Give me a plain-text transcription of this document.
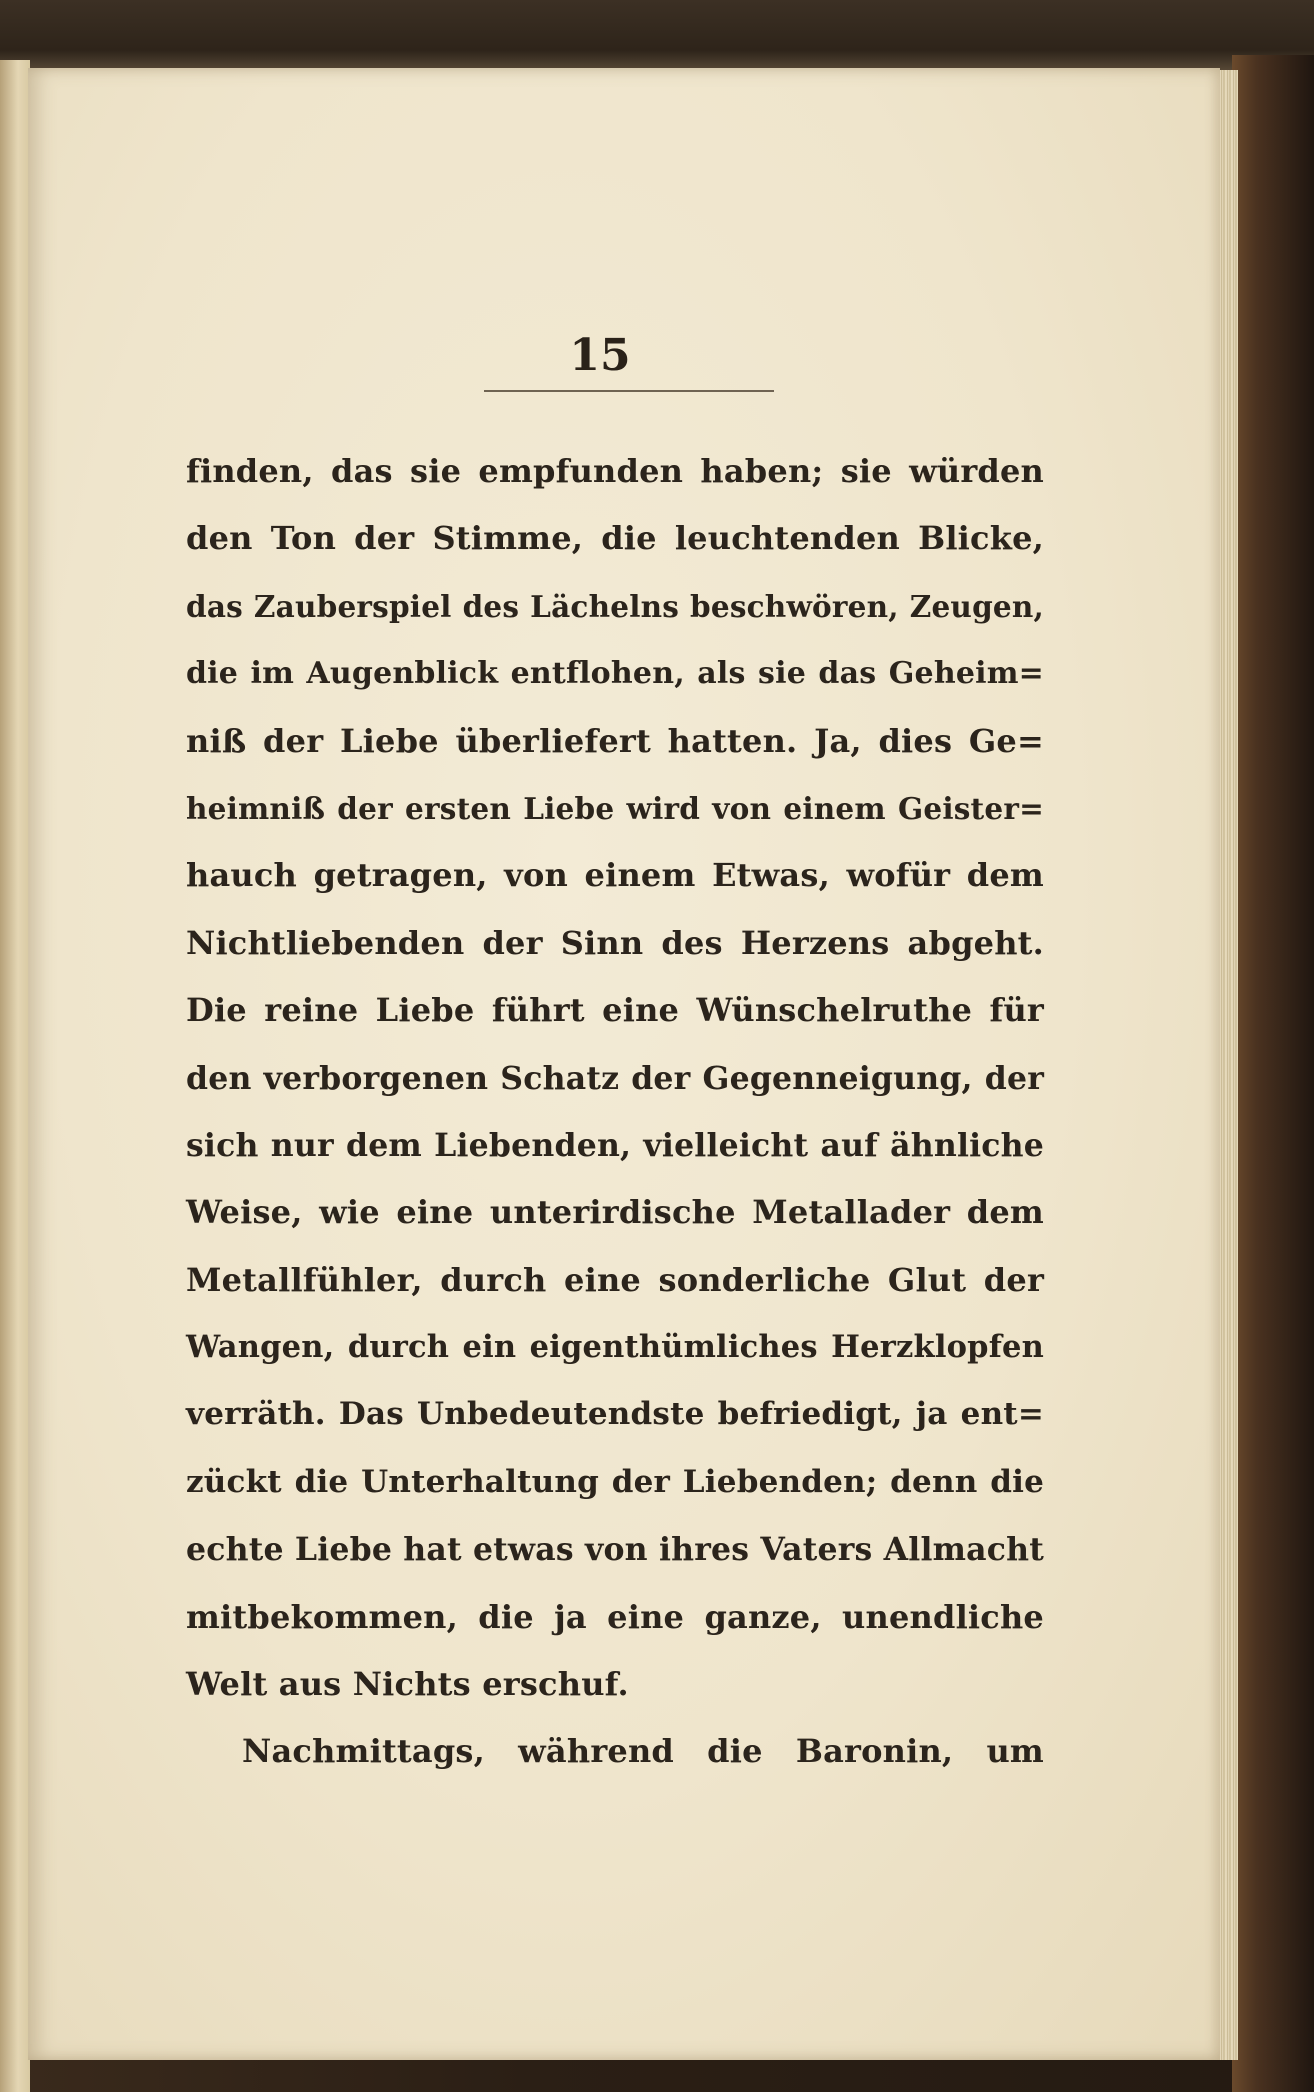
15
finden, das sie empfunden haben; sie würden
den Ton der Stimme, die leuchtenden Blicke,
das Zauberspiel des Lächelns beschwören, Zeugen,
die im Augenblick entflohen, als sie das Geheim=
niß der Liebe überliefert hatten. Ja, dies Ge=
heimniß der ersten Liebe wird von einem Geister=
hauch getragen, von einem Etwas, wofür dem
Nichtliebenden der Sinn des Herzens abgeht.
Die reine Liebe führt eine Wünschelruthe für
den verborgenen Schatz der Gegenneigung, der
sich nur dem Liebenden, vielleicht auf ähnliche
Weise, wie eine unterirdische Metallader dem
Metallfühler, durch eine sonderliche Glut der
Wangen, durch ein eigenthümliches Herzklopfen
verräth. Das Unbedeutendste befriedigt, ja ent=
zückt die Unterhaltung der Liebenden; denn die
echte Liebe hat etwas von ihres Vaters Allmacht
mitbekommen, die ja eine ganze, unendliche
Welt aus Nichts erschuf.
Nachmittags, während die Baronin, um
